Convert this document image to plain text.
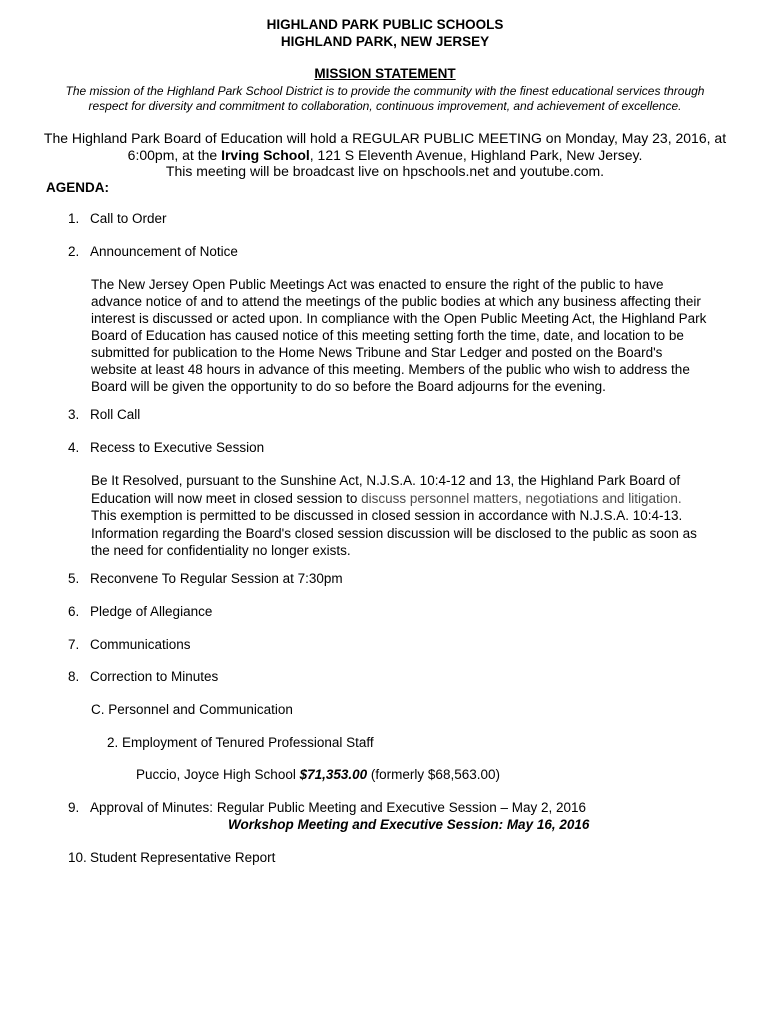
HIGHLAND PARK PUBLIC SCHOOLS
HIGHLAND PARK, NEW JERSEY
MISSION STATEMENT
The mission of the Highland Park School District is to provide the community with the finest educational services through
respect for diversity and commitment to collaboration, continuous improvement, and achievement of excellence.
The Highland Park Board of Education will hold a REGULAR PUBLIC MEETING on Monday, May 23, 2016, at
6:00pm, at the Irving School, 121 S Eleventh Avenue, Highland Park, New Jersey.
This meeting will be broadcast live on hpschools.net and youtube.com.
AGENDA:
1. Call to Order
2. Announcement of Notice
The New Jersey Open Public Meetings Act was enacted to ensure the right of the public to have
advance notice of and to attend the meetings of the public bodies at which any business affecting their
interest is discussed or acted upon. In compliance with the Open Public Meeting Act, the Highland Park
Board of Education has caused notice of this meeting setting forth the time, date, and location to be
submitted for publication to the Home News Tribune and Star Ledger and posted on the Board's
website at least 48 hours in advance of this meeting. Members of the public who wish to address the
Board will be given the opportunity to do so before the Board adjourns for the evening.
3. Roll Call
4. Recess to Executive Session
Be It Resolved, pursuant to the Sunshine Act, N.J.S.A. 10:4-12 and 13, the Highland Park Board of
Education will now meet in closed session to discuss personnel matters, negotiations and litigation.
This exemption is permitted to be discussed in closed session in accordance with N.J.S.A. 10:4-13.
Information regarding the Board's closed session discussion will be disclosed to the public as soon as
the need for confidentiality no longer exists.
5. Reconvene To Regular Session at 7:30pm
6. Pledge of Allegiance
7. Communications
8. Correction to Minutes
C. Personnel and Communication
2. Employment of Tenured Professional Staff
Puccio, Joyce High School $71,353.00 (formerly $68,563.00)
9. Approval of Minutes: Regular Public Meeting and Executive Session – May 2, 2016
Workshop Meeting and Executive Session: May 16, 2016
10. Student Representative Report
